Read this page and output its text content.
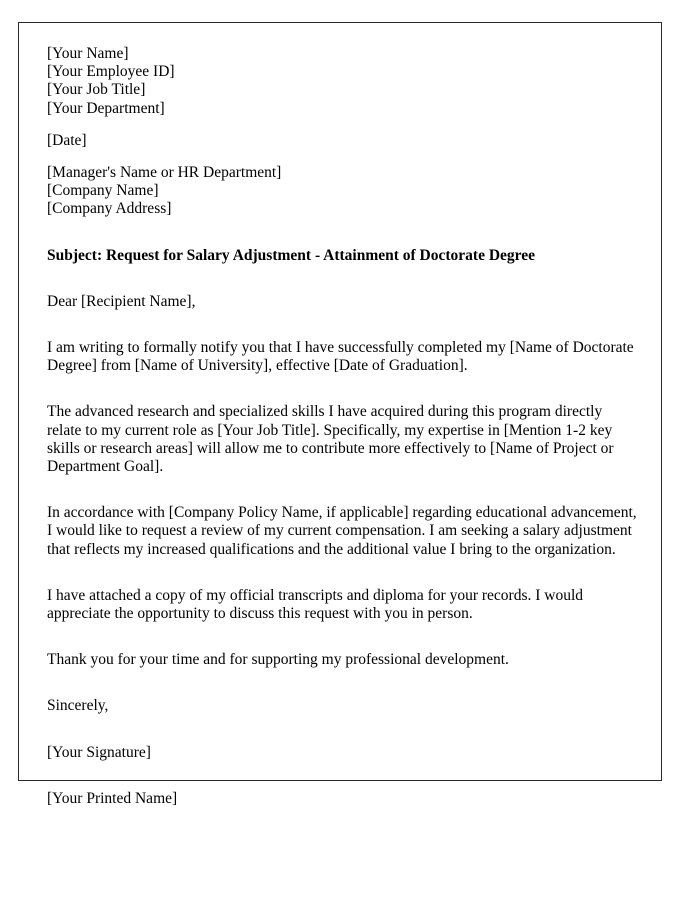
[Your Name]
[Your Employee ID]
[Your Job Title]
[Your Department]
[Date]
[Manager's Name or HR Department]
[Company Name]
[Company Address]

Subject: Request for Salary Adjustment - Attainment of Doctorate Degree

Dear [Recipient Name],

I am writing to formally notify you that I have successfully completed my [Name of Doctorate Degree] from [Name of University], effective [Date of Graduation].

The advanced research and specialized skills I have acquired during this program directly relate to my current role as [Your Job Title]. Specifically, my expertise in [Mention 1-2 key skills or research areas] will allow me to contribute more effectively to [Name of Project or Department Goal].

In accordance with [Company Policy Name, if applicable] regarding educational advancement, I would like to request a review of my current compensation. I am seeking a salary adjustment that reflects my increased qualifications and the additional value I bring to the organization.

I have attached a copy of my official transcripts and diploma for your records. I would appreciate the opportunity to discuss this request with you in person.

Thank you for your time and for supporting my professional development.

Sincerely,

[Your Signature]

[Your Printed Name]
